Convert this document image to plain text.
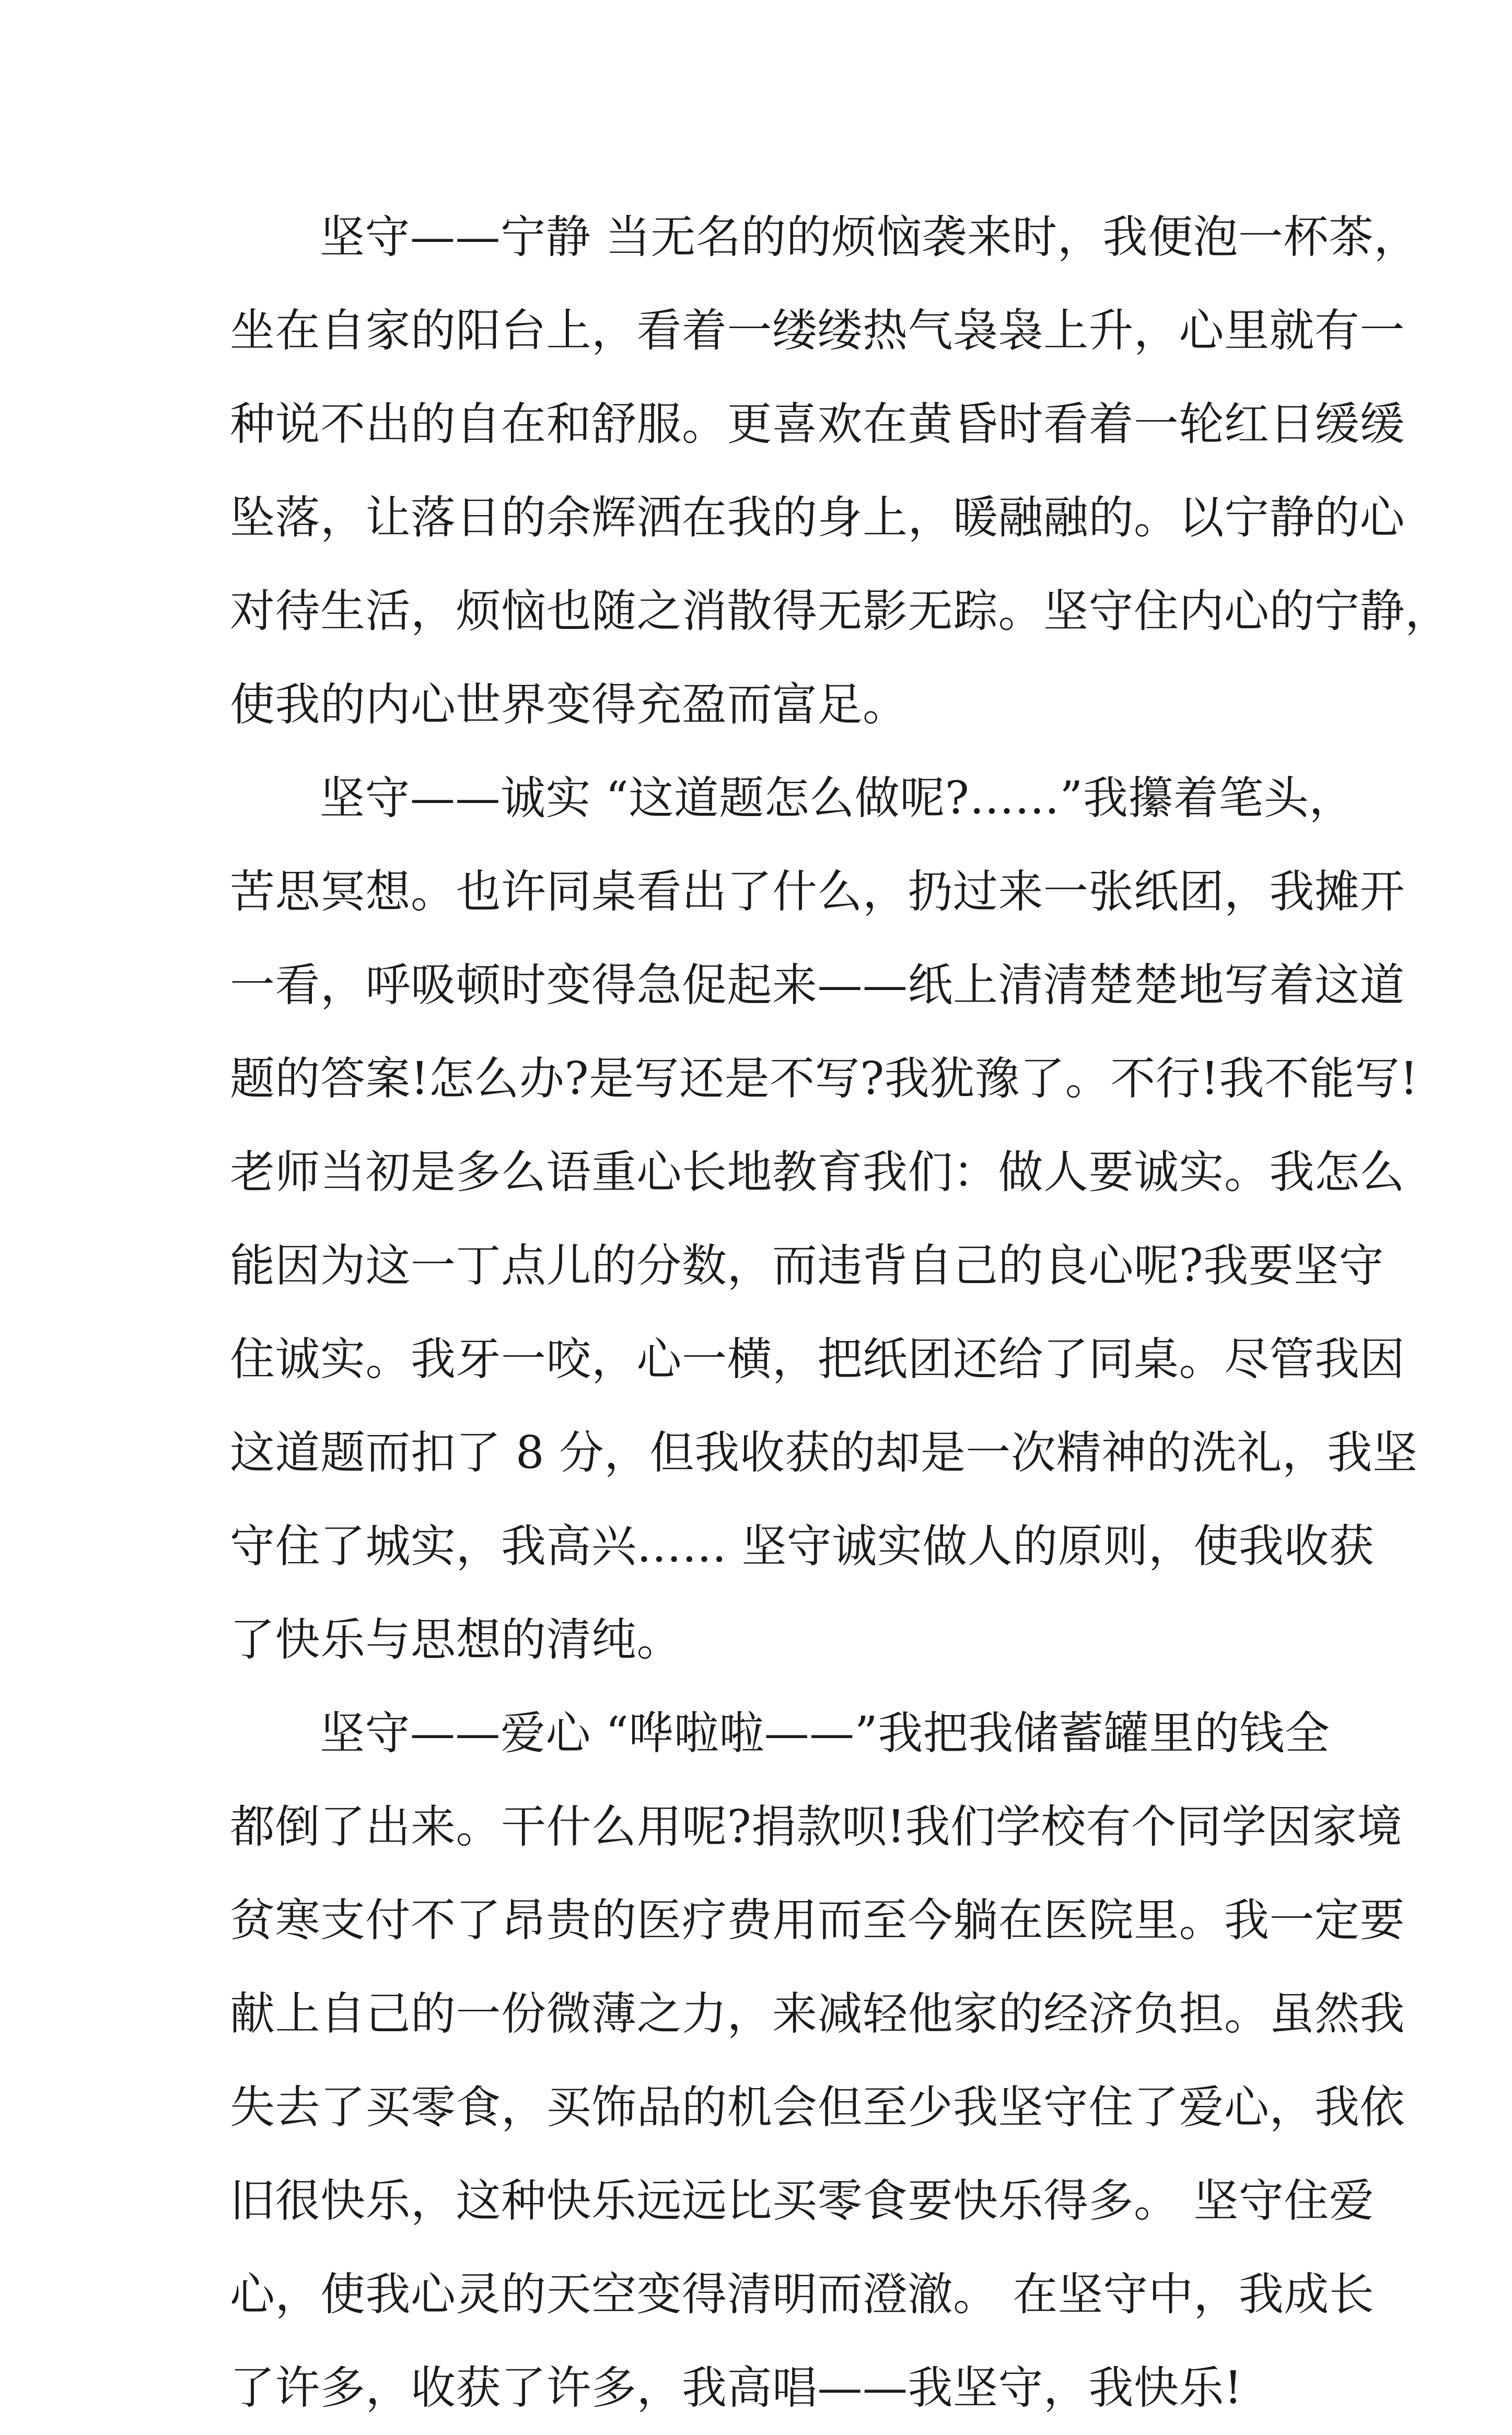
坚守——宁静 当无名的的烦恼袭来时，我便泡一杯茶，
坐在自家的阳台上，看着一缕缕热气袅袅上升，心里就有一
种说不出的自在和舒服。更喜欢在黄昏时看着一轮红日缓缓
坠落，让落日的余辉洒在我的身上，暖融融的。以宁静的心
对待生活，烦恼也随之消散得无影无踪。坚守住内心的宁静，
使我的内心世界变得充盈而富足。
坚守——诚实 “这道题怎么做呢?……”我攥着笔头，
苦思冥想。也许同桌看出了什么，扔过来一张纸团，我摊开
一看，呼吸顿时变得急促起来——纸上清清楚楚地写着这道
题的答案!怎么办?是写还是不写?我犹豫了。不行!我不能写!
老师当初是多么语重心长地教育我们：做人要诚实。我怎么
能因为这一丁点儿的分数，而违背自己的良心呢?我要坚守
住诚实。我牙一咬，心一横，把纸团还给了同桌。尽管我因
这道题而扣了 8 分，但我收获的却是一次精神的洗礼，我坚
守住了城实，我高兴…… 坚守诚实做人的原则，使我收获
了快乐与思想的清纯。
坚守——爱心 “哗啦啦——”我把我储蓄罐里的钱全
都倒了出来。干什么用呢?捐款呗!我们学校有个同学因家境
贫寒支付不了昂贵的医疗费用而至今躺在医院里。我一定要
献上自己的一份微薄之力，来减轻他家的经济负担。虽然我
失去了买零食，买饰品的机会但至少我坚守住了爱心，我依
旧很快乐，这种快乐远远比买零食要快乐得多。 坚守住爱
心，使我心灵的天空变得清明而澄澈。 在坚守中，我成长
了许多，收获了许多，我高唱——我坚守，我快乐!
